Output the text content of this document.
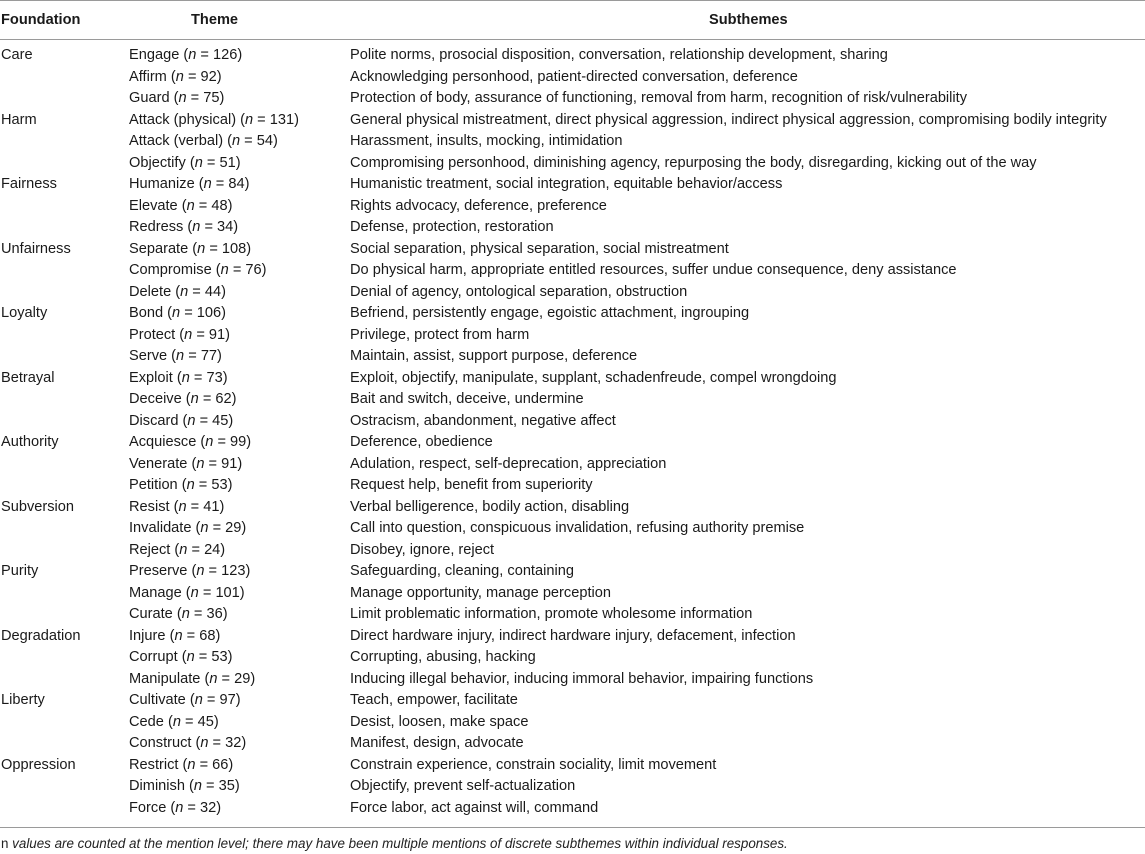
Foundation	Theme	Subthemes
Care	Engage (n = 126)	Polite norms, prosocial disposition, conversation, relationship development, sharing
	Affirm (n = 92)	Acknowledging personhood, patient-directed conversation, deference
	Guard (n = 75)	Protection of body, assurance of functioning, removal from harm, recognition of risk/vulnerability
Harm	Attack (physical) (n = 131)	General physical mistreatment, direct physical aggression, indirect physical aggression, compromising bodily integrity
	Attack (verbal) (n = 54)	Harassment, insults, mocking, intimidation
	Objectify (n = 51)	Compromising personhood, diminishing agency, repurposing the body, disregarding, kicking out of the way
Fairness	Humanize (n = 84)	Humanistic treatment, social integration, equitable behavior/access
	Elevate (n = 48)	Rights advocacy, deference, preference
	Redress (n = 34)	Defense, protection, restoration
Unfairness	Separate (n = 108)	Social separation, physical separation, social mistreatment
	Compromise (n = 76)	Do physical harm, appropriate entitled resources, suffer undue consequence, deny assistance
	Delete (n = 44)	Denial of agency, ontological separation, obstruction
Loyalty	Bond (n = 106)	Befriend, persistently engage, egoistic attachment, ingrouping
	Protect (n = 91)	Privilege, protect from harm
	Serve (n = 77)	Maintain, assist, support purpose, deference
Betrayal	Exploit (n = 73)	Exploit, objectify, manipulate, supplant, schadenfreude, compel wrongdoing
	Deceive (n = 62)	Bait and switch, deceive, undermine
	Discard (n = 45)	Ostracism, abandonment, negative affect
Authority	Acquiesce (n = 99)	Deference, obedience
	Venerate (n = 91)	Adulation, respect, self-deprecation, appreciation
	Petition (n = 53)	Request help, benefit from superiority
Subversion	Resist (n = 41)	Verbal belligerence, bodily action, disabling
	Invalidate (n = 29)	Call into question, conspicuous invalidation, refusing authority premise
	Reject (n = 24)	Disobey, ignore, reject
Purity	Preserve (n = 123)	Safeguarding, cleaning, containing
	Manage (n = 101)	Manage opportunity, manage perception
	Curate (n = 36)	Limit problematic information, promote wholesome information
Degradation	Injure (n = 68)	Direct hardware injury, indirect hardware injury, defacement, infection
	Corrupt (n = 53)	Corrupting, abusing, hacking
	Manipulate (n = 29)	Inducing illegal behavior, inducing immoral behavior, impairing functions
Liberty	Cultivate (n = 97)	Teach, empower, facilitate
	Cede (n = 45)	Desist, loosen, make space
	Construct (n = 32)	Manifest, design, advocate
Oppression	Restrict (n = 66)	Constrain experience, constrain sociality, limit movement
	Diminish (n = 35)	Objectify, prevent self-actualization
	Force (n = 32)	Force labor, act against will, command
n values are counted at the mention level; there may have been multiple mentions of discrete subthemes within individual responses.
